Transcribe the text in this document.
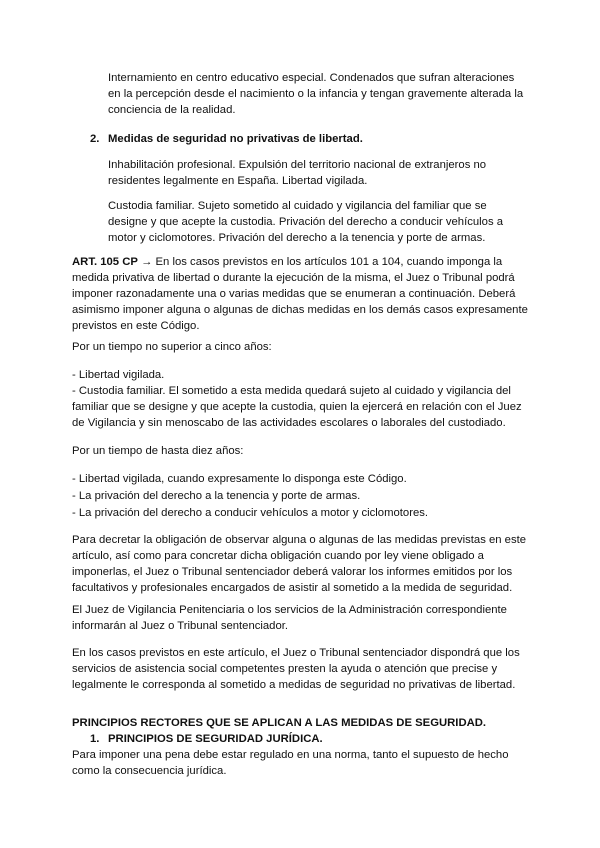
Internamiento en centro educativo especial. Condenados que sufran alteraciones en la percepción desde el nacimiento o la infancia y tengan gravemente alterada la conciencia de la realidad.

2. Medidas de seguridad no privativas de libertad.

Inhabilitación profesional. Expulsión del territorio nacional de extranjeros no residentes legalmente en España. Libertad vigilada.

Custodia familiar. Sujeto sometido al cuidado y vigilancia del familiar que se designe y que acepte la custodia. Privación del derecho a conducir vehículos a motor y ciclomotores. Privación del derecho a la tenencia y porte de armas.

ART. 105 CP → En los casos previstos en los artículos 101 a 104, cuando imponga la medida privativa de libertad o durante la ejecución de la misma, el Juez o Tribunal podrá imponer razonadamente una o varias medidas que se enumeran a continuación. Deberá asimismo imponer alguna o algunas de dichas medidas en los demás casos expresamente previstos en este Código.

Por un tiempo no superior a cinco años:

- Libertad vigilada.

- Custodia familiar. El sometido a esta medida quedará sujeto al cuidado y vigilancia del familiar que se designe y que acepte la custodia, quien la ejercerá en relación con el Juez de Vigilancia y sin menoscabo de las actividades escolares o laborales del custodiado.

Por un tiempo de hasta diez años:

- Libertad vigilada, cuando expresamente lo disponga este Código.

- La privación del derecho a la tenencia y porte de armas.

- La privación del derecho a conducir vehículos a motor y ciclomotores.

Para decretar la obligación de observar alguna o algunas de las medidas previstas en este artículo, así como para concretar dicha obligación cuando por ley viene obligado a imponerlas, el Juez o Tribunal sentenciador deberá valorar los informes emitidos por los facultativos y profesionales encargados de asistir al sometido a la medida de seguridad.

El Juez de Vigilancia Penitenciaria o los servicios de la Administración correspondiente informarán al Juez o Tribunal sentenciador.

En los casos previstos en este artículo, el Juez o Tribunal sentenciador dispondrá que los servicios de asistencia social competentes presten la ayuda o atención que precise y legalmente le corresponda al sometido a medidas de seguridad no privativas de libertad.

PRINCIPIOS RECTORES QUE SE APLICAN A LAS MEDIDAS DE SEGURIDAD.

1. PRINCIPIOS DE SEGURIDAD JURÍDICA.

Para imponer una pena debe estar regulado en una norma, tanto el supuesto de hecho como la consecuencia jurídica.
